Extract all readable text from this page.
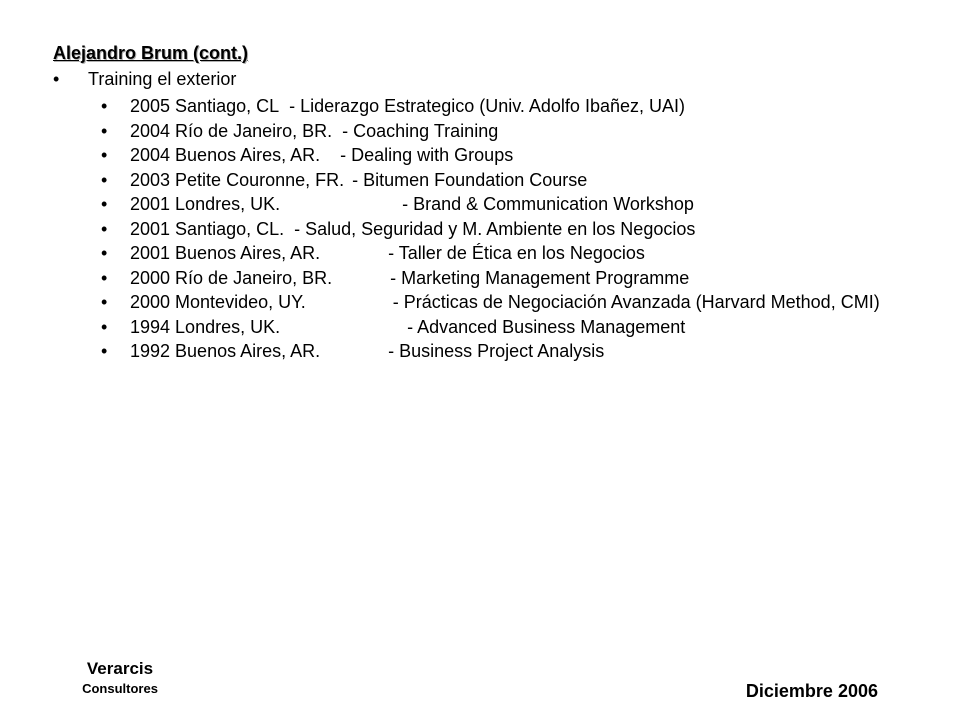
Alejandro Brum (cont.)
• Training el exterior
• 2005 Santiago, CL - Liderazgo Estrategico (Univ. Adolfo Ibañez, UAI)
• 2004 Río de Janeiro, BR. - Coaching Training
• 2004 Buenos Aires, AR. - Dealing with Groups
• 2003 Petite Couronne, FR. - Bitumen Foundation Course
• 2001 Londres, UK.	- Brand & Communication Workshop
• 2001 Santiago, CL. - Salud, Seguridad y M. Ambiente en los Negocios
• 2001 Buenos Aires, AR.	- Taller de Ética en los Negocios
• 2000 Río de Janeiro, BR.	- Marketing Management Programme
• 2000 Montevideo, UY.	- Prácticas de Negociación Avanzada (Harvard Method, CMI)
• 1994 Londres, UK.	- Advanced Business Management
• 1992 Buenos Aires, AR.	- Business Project Analysis
Verarcis
Consultores	Diciembre 2006
